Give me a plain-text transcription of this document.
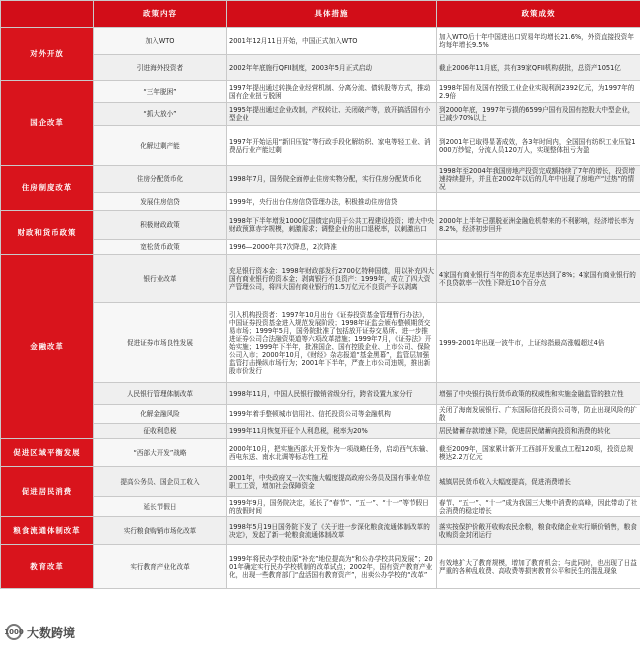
	政策内容	具体措施	政策成效
对外开放	加入WTO	2001年12月11日开始，中国正式加入WTO	加入WTO后十年中国进出口贸易年均增长21.6%，外资直接投资年均每年增长9.5%
	引进海外投资者	2002年年底施行QFII制度，2003年5月正式启动	截止2006年11月底，共有39家QFII机构获批，总资产1051亿
国企改革	“三年脱困”	1997年提出通过转换企业经营机制、分离分流、债转股等方式，推动国有企业扭亏脱困	1998年国有及国有控股工业企业实现利润2392亿元，为1997年的2.9倍
	“抓大放小”	1995年提出通过企业改制，产权转让、关闭破产等，放开搞活国有小型企业	到2000年底，1997年亏损的6599户国有及国有控股大中型企业，已减少70%以上
	化解过剩产能	1997年开始运用“新旧压锭”等行政手段化解纺织、家电等轻工业、消费品行业产能过剩	到2001年已取得显著成效，各3年时间内，全国国有纺织工业压锭1000万纱锭，分流人员120万人，实现整体扭亏为盈
住房制度改革	住房分配货币化	1998年7月，国务院全面停止住房实物分配，实行住房分配货币化	1998年至2004年我国房地产投资完成额持续了7年的增长，投资增速持续提升，并且在2002年以后的几年中出现了房地产“过热”的情况
	发展住房信贷	1999年，央行出台住房信贷管理办法，积极推动住房信贷	
财政和货币政策	积极财政政策	1998年下半年增发1000亿国债定向用于公共工程建设投资；增大中央财政预算赤字规模，刺激需求；调整企业的出口退税率，以刺激出口	2000年上半年已摆脱亚洲金融危机带来的不利影响，经济增长率为8.2%，经济初步回升
	宽松货币政策	1996—2000年共7次降息，2次降准	
金融改革	银行业改革	充足银行资本金：1998年财政部发行2700亿特种国债，用以补充四大国有商业银行的资本金；剥离银行不良资产：1999年，成立了四大资产管理公司，将四大国有商业银行的1.5万亿元不良资产予以剥离	4家国有商业银行当年的资本充足率达到了8%；4家国有商业银行的不良贷款率一次性下降近10个百分点
	促进证券市场良性发展	引入机构投资者：1997年10月出台《证券投资基金管理暂行办法》，中国证券投资基金进入规范发展阶段；1998年证监会颁布整顿期货交易市场；1999年5月，国务院批准了包括放开证券交易所、进一步推进证券公司合法融资渠道等六项改革措施；1999年7月，《证券法》开始实施；1999年下半年，批准国企、国有控股企业、上市公司、保险公司入市；2000年10月，《财经》杂志报道“基金黑幕”，监管层加强监管打击操纵市场行为；2001年下半年，严查上市公司违规，推出新股市价发行	1999-2001年出现一波牛市，上证综指最高涨幅超过4倍
	人民银行管理体制改革	1998年11月，中国人民银行撤销省级分行，跨省设置九家分行	增强了中央银行执行货币政策的权威性和实施金融监管的独立性
	化解金融风险	1999年着手整顿城市信用社、信托投资公司等金融机构	关闭了海南发展银行、广东国际信托投资公司等，防止出现风险的扩散
	征收利息税	1999年11月恢复开征个人利息税，税率为20%	居民储蓄存款增速下降，促进居民储蓄向投资和消费的转化
促进区域平衡发展	“西部大开发”战略	2000年10月，把实施西部大开发作为一项战略任务，启动西气东输、西电东送、南水北调等标志性工程	截至2009年，国家累计新开工西部开发重点工程120项，投资总规模达2.2万亿元
促进居民消费	提高公务员、国企员工收入	2001年，中央政府又一次实施大幅度提高政府公务员及国有事业单位职工工资，增加社会保障资金	城镇居民货币收入大幅度提高，促进消费增长
	延长节假日	1999年9月，国务院决定，延长了“春节”、“五一”、“十一”等节假日的放假时间	春节、“五一”、“十一”成为我国三大集中消费的高峰，因此带动了社会消费的稳定增长
粮食流通体制改革	实行粮食购销市场化改革	1998年5月19日国务院下发了《关于进一步深化粮食流通体制改革的决定》，发起了新一轮粮食流通体制改革	落实按保护价敞开收购农民余粮，粮食收储企业实行顺价销售，粮食收购资金封闭运行
教育改革	实行教育产业化改革	1999年将民办学校由原“补充”地位提高为“和公办学校共同发展”；2001年确定实行民办学校机制的改革试点；2002年，国有资产教育产业化，出现一些教育部门“盘活国有教育资产”，出卖公办学校的“改革”	有效地扩大了教育规模，增加了教育机会；与此同时，也出现了日益严重的各种乱收费、高收费等损害教育公平和民生的混乱现象
1000 大数跨境
